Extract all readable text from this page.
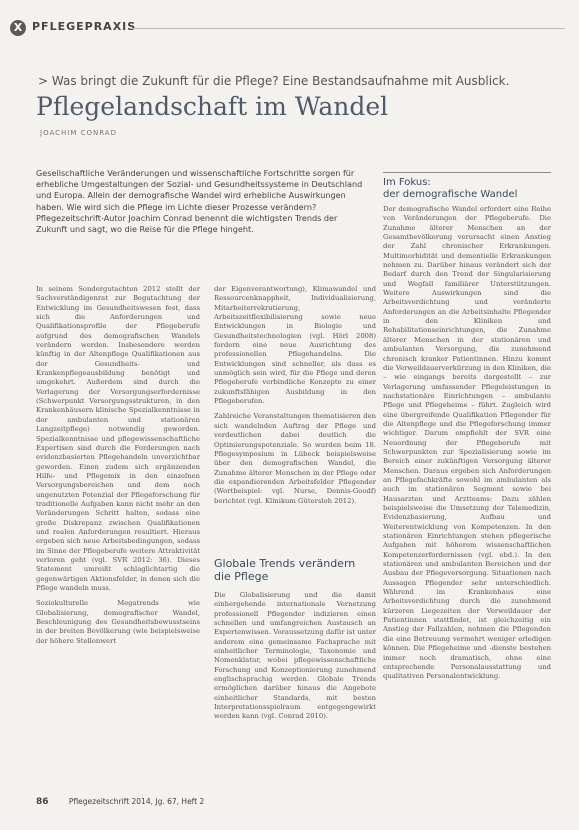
X PFLEGEPRAXIS
> Was bringt die Zukunft für die Pflege? Eine Bestandsaufnahme mit Ausblick.
Pflegelandschaft im Wandel
JOACHIM CONRAD

Gesellschaftliche Veränderungen und wissenschaftliche Fortschritte sorgen für erhebliche Umgestaltungen der Sozial- und Gesundheitssysteme in Deutschland und Europa. Allein der demografische Wandel wird erhebliche Auswirkungen haben. Wie wird sich die Pflege im Lichte dieser Prozesse verändern? Pflegezeitschrift-Autor Joachim Conrad benennt die wichtigsten Trends der Zukunft und sagt, wo die Reise für die Pflege hingeht.

In seinem Sondergutachten 2012 stellt der Sachverständigenrat zur Begutachtung der Entwicklung im Gesundheitswesen fest, dass sich die Anforderungen und Qualifikationsprofile der Pflegeberufe aufgrund des demografischen Wandels verändern werden. Insbesondere werden künftig in der Altenpflege Qualifikationen aus der Gesundheits- und Krankenpflegeausbildung benötigt und umgekehrt. Außerdem sind durch die Verlagerung der Versorgungserfordernisse (Schwerpunkt Versorgungsstrukturen, in den Krankenhäusern klinische Spezialkenntnisse in der ambulanten und stationären Langzeitpflege) notwendig geworden. Spezialkenntnisse und pflegewissenschaftliche Expertisen sind durch die Forderungen nach evidenzbasierten Pflegehandeln unverzichtbar geworden. Einen zudem sich ergänzenden Hilfe- und Pflegemix in den einzelnen Versorgungsbereichen und dem noch ungenutzten Potenzial der Pflegeforschung für traditionelle Aufgaben kann nicht mehr an den Veränderungen Schritt halten, sodass eine große Diskrepanz zwischen Qualifikationen und realen Anforderungen resultiert. Hieraus ergeben sich neue Arbeitsbedingungen, sodass im Sinne der Pflegeberufe weitere Attraktivität verloren geht (vgl. SVR 2012: 36). Dieses Statement umreißt schlaglichtartig die gegenwärtigen Aktionsfelder, in denen sich die Pflege wandeln muss.

Soziokulturelle Megatrends wie Globalisierung, demografischer Wandel, Beschleunigung des Gesundheitsbewusstseins in der breiten Bevölkerung (wie beispielsweise der höhere Stellenwert

der Eigenverantwortung), Klimawandel und Ressourcenknappheit, Individualisierung, Mitarbeiterrekrutierung, Arbeitszeitflexibilisierung sowie neue Entwicklungen in Biologie und Gesundheitstechnologien (vgl. Hörl 2008) fordern eine neue Ausrichtung des professionellen Pflegehandelns. Die Entwicklungen sind schneller, als dass es unmöglich sein wird, für die Pflege und deren Pflegeberufe verbindliche Konzepte zu einer zukunftsfähigen Ausbildung in den Pflegeberufen.

Zahlreiche Veranstaltungen thematisieren den sich wandelnden Auftrag der Pflege und verdeutlichen dabei deutlich die Optimierungspotenziale. So wurden beim 18. Pflegesymposium in Lübeck beispielsweise über den demografischen Wandel, die Zunahme älterer Menschen in der Pflege oder die expandierenden Arbeitsfelder Pflegender (Wortbeispiel: vgl. Nurse, Dennis-Goodf) berichtet (vgl. Klinikum Gütersloh 2012).

Globale Trends verändern die Pflege

Die Globalisierung und die damit einhergehende internationale Vernetzung professionell Pflegender indizieren einen schnellen und umfangreichen Austausch an Expertenwissen. Voraussetzung dafür ist unter anderem eine gemeinsame Fachsprache mit einheitlicher Terminologie, Taxonomie und Nomenklatur, wobei pflegewissenschaftliche Forschung und Konzeptionierung zunehmend englischsprachig werden. Globale Trends ermöglichen darüber hinaus die Angebote einheitlicher Standards, mit besten Interpretationsspielraum entgegengewirkt werden kann (vgl. Conrad 2010).

Im Fokus:
der demografische Wandel
Der demografische Wandel erfordert eine Reihe von Veränderungen der Pflegeberufe. Die Zunahme älterer Menschen an der Gesamtbevölkerung verursacht einen Anstieg der Zahl chronischer Erkrankungen. Multimorbidität und dementielle Erkrankungen nehmen zu. Darüber hinaus verändert sich der Bedarf durch den Trend der Singularisierung und Wegfall familiärer Unterstützungen. Weitere Auswirkungen sind die Arbeitsverdichtung und veränderte Anforderungen an die Arbeitsinhalte Pflegender in den Kliniken und Rehabilitationseinrichtungen, die Zunahme älterer Menschen in der stationären und ambulanten Versorgung, die zunehmend chronisch kranker Patientinnen. Hinzu kommt die Verweildauerverkürzung in den Kliniken, die – wie eingangs bereits dargestellt – zur Verlagerung umfassender Pflegeleistungen in nachstationäre Einrichtungen – ambulante Pflege und Pflegeheime – führt. Zugleich wird eine übergreifende Qualifikation Pflegender für die Altenpflege und die Pflegeforschung immer wichtiger. Darum empfiehlt der SVR eine Neuordnung der Pflegeberufe mit Schwerpunkten zur Spezialisierung sowie im Bereich einer zukünftigen Versorgung älterer Menschen. Daraus ergeben sich Anforderungen an Pflegefachkräfte sowohl im ambulanten als auch im stationären Segment sowie bei Hausarzten und Arztteams: Dazu zählen beispielsweise die Umsetzung der Telemedizin, Evidenzbasierung, Aufbau und Weiterentwicklung von Kompetenzen. In den stationären Einrichtungen stehen pflegerische Aufgaben mit höherem wissenschaftlichen Kompetenzerfordernissen (vgl. ebd.). In den stationären und ambulanten Bereichen und der Ausbau der Pflegeversorgung. Situationen nach Aussagen Pflegender sehr unterschiedlich. Während im Krankenhaus eine Arbeitsverdichtung durch die zunehmend kürzeren Liegezeiten der Verweildauer der Patientinnen stattfindet, ist gleichzeitig ein Anstieg der Fallzahlen, nehmen die Pflegenden die eine Betreuung vermehrt weniger erledigen können. Die Pflegeheime und -dienste bestehen immer noch dramatisch, ohne eine entsprechende Personalausstattung und qualitativen Personalentwicklung.
86	Pflegezeitschrift 2014, Jg. 67, Heft 2
